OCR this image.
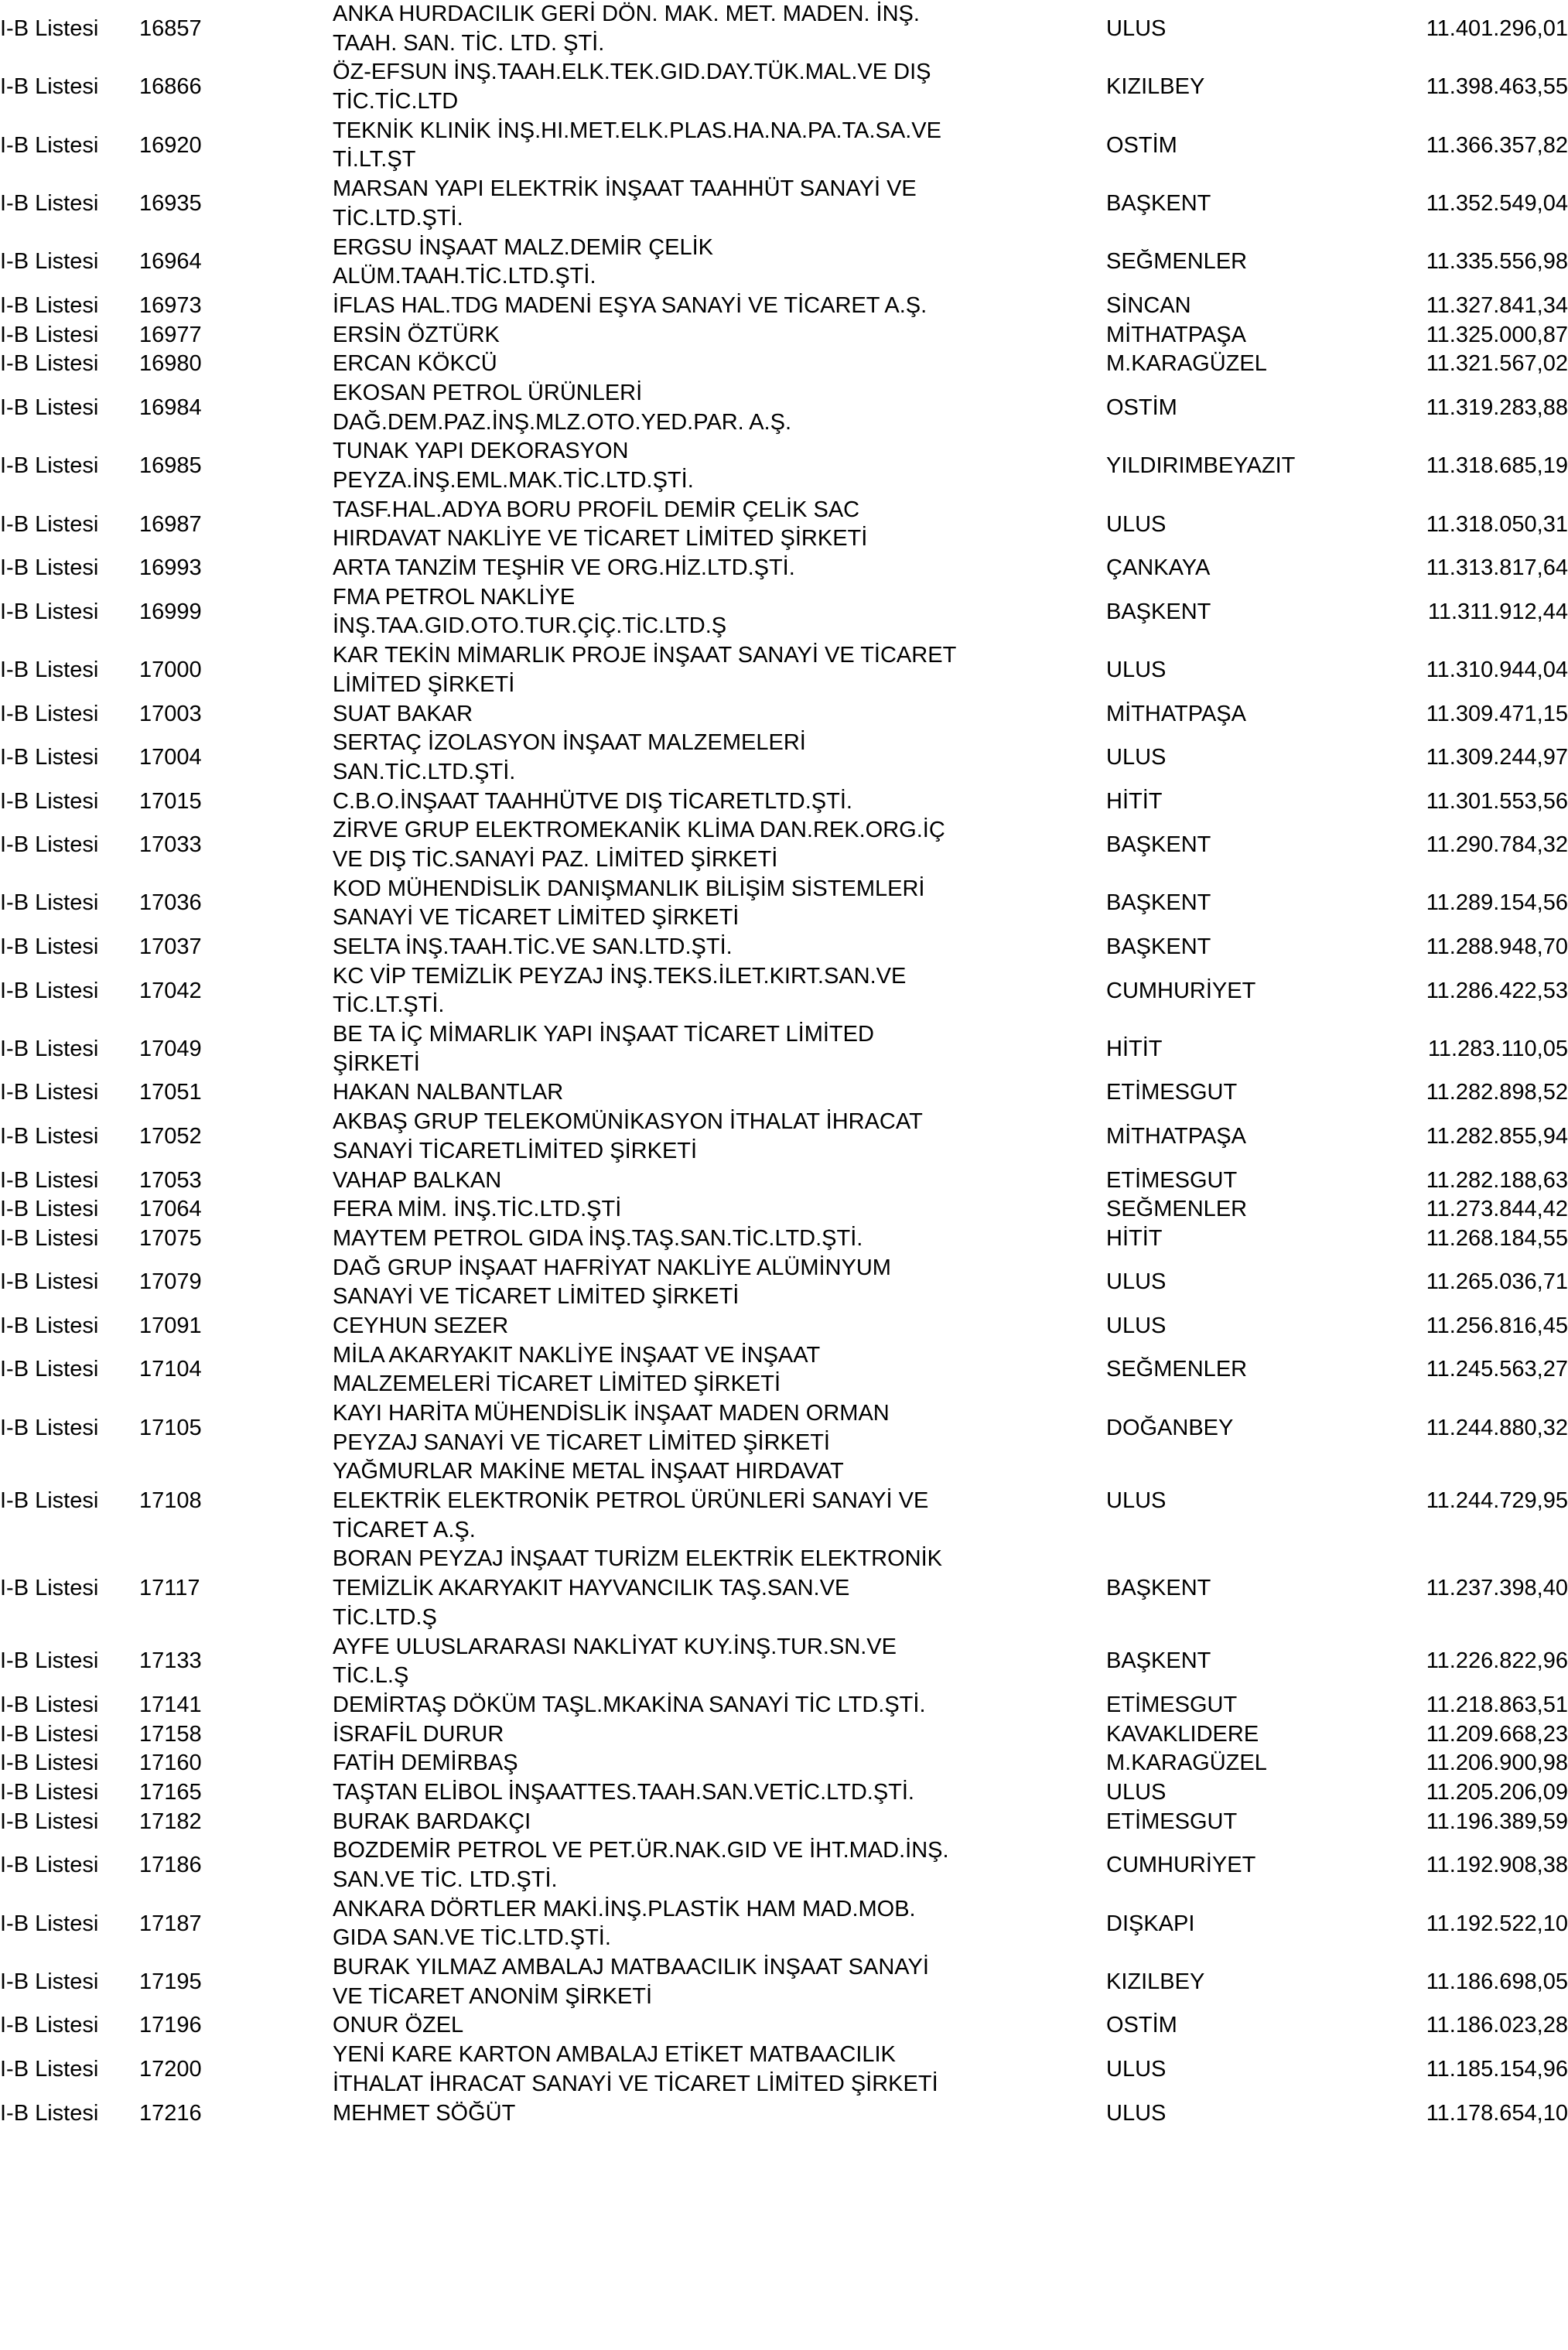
I-B Listesi	16857	ANKA HURDACILIK GERİ DÖN. MAK. MET. MADEN. İNŞ.
TAAH. SAN. TİC. LTD. ŞTİ.	ULUS	11.401.296,01
I-B Listesi	16866	ÖZ-EFSUN İNŞ.TAAH.ELK.TEK.GID.DAY.TÜK.MAL.VE DIŞ
TİC.TİC.LTD	KIZILBEY	11.398.463,55
I-B Listesi	16920	TEKNİK KLINİK İNŞ.HI.MET.ELK.PLAS.HA.NA.PA.TA.SA.VE
Tİ.LT.ŞT	OSTİM	11.366.357,82
I-B Listesi	16935	MARSAN YAPI ELEKTRİK İNŞAAT TAAHHÜT SANAYİ VE
TİC.LTD.ŞTİ.	BAŞKENT	11.352.549,04
I-B Listesi	16964	ERGSU İNŞAAT MALZ.DEMİR ÇELİK
ALÜM.TAAH.TİC.LTD.ŞTİ.	SEĞMENLER	11.335.556,98
I-B Listesi	16973	İFLAS HAL.TDG MADENİ EŞYA SANAYİ VE TİCARET A.Ş.	SİNCAN	11.327.841,34
I-B Listesi	16977	ERSİN ÖZTÜRK	MİTHATPAŞA	11.325.000,87
I-B Listesi	16980	ERCAN KÖKCÜ	M.KARAGÜZEL	11.321.567,02
I-B Listesi	16984	EKOSAN PETROL ÜRÜNLERİ
DAĞ.DEM.PAZ.İNŞ.MLZ.OTO.YED.PAR. A.Ş.	OSTİM	11.319.283,88
I-B Listesi	16985	TUNAK YAPI DEKORASYON
PEYZA.İNŞ.EML.MAK.TİC.LTD.ŞTİ.	YILDIRIMBEYAZIT	11.318.685,19
I-B Listesi	16987	TASF.HAL.ADYA BORU PROFİL DEMİR ÇELİK SAC
HIRDAVAT NAKLİYE VE TİCARET LİMİTED ŞİRKETİ	ULUS	11.318.050,31
I-B Listesi	16993	ARTA TANZİM TEŞHİR VE ORG.HİZ.LTD.ŞTİ.	ÇANKAYA	11.313.817,64
I-B Listesi	16999	FMA PETROL NAKLİYE
İNŞ.TAA.GID.OTO.TUR.ÇİÇ.TİC.LTD.Ş	BAŞKENT	11.311.912,44
I-B Listesi	17000	KAR TEKİN MİMARLIK PROJE İNŞAAT SANAYİ VE TİCARET
LİMİTED ŞİRKETİ	ULUS	11.310.944,04
I-B Listesi	17003	SUAT BAKAR	MİTHATPAŞA	11.309.471,15
I-B Listesi	17004	SERTAÇ İZOLASYON İNŞAAT MALZEMELERİ
SAN.TİC.LTD.ŞTİ.	ULUS	11.309.244,97
I-B Listesi	17015	C.B.O.İNŞAAT TAAHHÜTVE DIŞ TİCARETLTD.ŞTİ.	HİTİT	11.301.553,56
I-B Listesi	17033	ZİRVE GRUP ELEKTROMEKANİK KLİMA DAN.REK.ORG.İÇ
VE DIŞ TİC.SANAYİ PAZ. LİMİTED ŞİRKETİ	BAŞKENT	11.290.784,32
I-B Listesi	17036	KOD MÜHENDİSLİK DANIŞMANLIK BİLİŞİM SİSTEMLERİ
SANAYİ VE TİCARET LİMİTED ŞİRKETİ	BAŞKENT	11.289.154,56
I-B Listesi	17037	SELTA İNŞ.TAAH.TİC.VE SAN.LTD.ŞTİ.	BAŞKENT	11.288.948,70
I-B Listesi	17042	KC VİP TEMİZLİK PEYZAJ İNŞ.TEKS.İLET.KIRT.SAN.VE
TİC.LT.ŞTİ.	CUMHURİYET	11.286.422,53
I-B Listesi	17049	BE TA İÇ MİMARLIK YAPI İNŞAAT TİCARET LİMİTED
ŞİRKETİ	HİTİT	11.283.110,05
I-B Listesi	17051	HAKAN NALBANTLAR	ETİMESGUT	11.282.898,52
I-B Listesi	17052	AKBAŞ GRUP TELEKOMÜNİKASYON İTHALAT İHRACAT
SANAYİ TİCARETLİMİTED ŞİRKETİ	MİTHATPAŞA	11.282.855,94
I-B Listesi	17053	VAHAP BALKAN	ETİMESGUT	11.282.188,63
I-B Listesi	17064	FERA MİM. İNŞ.TİC.LTD.ŞTİ	SEĞMENLER	11.273.844,42
I-B Listesi	17075	MAYTEM PETROL GIDA İNŞ.TAŞ.SAN.TİC.LTD.ŞTİ.	HİTİT	11.268.184,55
I-B Listesi	17079	DAĞ GRUP İNŞAAT HAFRİYAT NAKLİYE ALÜMİNYUM
SANAYİ VE TİCARET LİMİTED ŞİRKETİ	ULUS	11.265.036,71
I-B Listesi	17091	CEYHUN SEZER	ULUS	11.256.816,45
I-B Listesi	17104	MİLA AKARYAKIT NAKLİYE İNŞAAT VE İNŞAAT
MALZEMELERİ TİCARET LİMİTED ŞİRKETİ	SEĞMENLER	11.245.563,27
I-B Listesi	17105	KAYI HARİTA MÜHENDİSLİK İNŞAAT MADEN ORMAN
PEYZAJ SANAYİ VE TİCARET LİMİTED ŞİRKETİ	DOĞANBEY	11.244.880,32
I-B Listesi	17108	YAĞMURLAR MAKİNE METAL İNŞAAT HIRDAVAT
ELEKTRİK ELEKTRONİK PETROL ÜRÜNLERİ SANAYİ VE
TİCARET A.Ş.	ULUS	11.244.729,95
I-B Listesi	17117	BORAN PEYZAJ İNŞAAT TURİZM ELEKTRİK ELEKTRONİK
TEMİZLİK AKARYAKIT HAYVANCILIK TAŞ.SAN.VE
TİC.LTD.Ş	BAŞKENT	11.237.398,40
I-B Listesi	17133	AYFE ULUSLARARASI NAKLİYAT KUY.İNŞ.TUR.SN.VE
TİC.L.Ş	BAŞKENT	11.226.822,96
I-B Listesi	17141	DEMİRTAŞ DÖKÜM TAŞL.MKAKİNA SANAYİ TİC LTD.ŞTİ.	ETİMESGUT	11.218.863,51
I-B Listesi	17158	İSRAFİL DURUR	KAVAKLIDERE	11.209.668,23
I-B Listesi	17160	FATİH DEMİRBAŞ	M.KARAGÜZEL	11.206.900,98
I-B Listesi	17165	TAŞTAN ELİBOL İNŞAATTES.TAAH.SAN.VETİC.LTD.ŞTİ.	ULUS	11.205.206,09
I-B Listesi	17182	BURAK BARDAKÇI	ETİMESGUT	11.196.389,59
I-B Listesi	17186	BOZDEMİR PETROL VE PET.ÜR.NAK.GID VE İHT.MAD.İNŞ.
SAN.VE TİC. LTD.ŞTİ.	CUMHURİYET	11.192.908,38
I-B Listesi	17187	ANKARA DÖRTLER MAKİ.İNŞ.PLASTİK HAM MAD.MOB.
GIDA SAN.VE TİC.LTD.ŞTİ.	DIŞKAPI	11.192.522,10
I-B Listesi	17195	BURAK YILMAZ AMBALAJ MATBAACILIK İNŞAAT SANAYİ
VE TİCARET ANONİM ŞİRKETİ	KIZILBEY	11.186.698,05
I-B Listesi	17196	ONUR ÖZEL	OSTİM	11.186.023,28
I-B Listesi	17200	YENİ KARE KARTON AMBALAJ ETİKET MATBAACILIK
İTHALAT İHRACAT SANAYİ VE TİCARET LİMİTED ŞİRKETİ	ULUS	11.185.154,96
I-B Listesi	17216	MEHMET SÖĞÜT	ULUS	11.178.654,10
